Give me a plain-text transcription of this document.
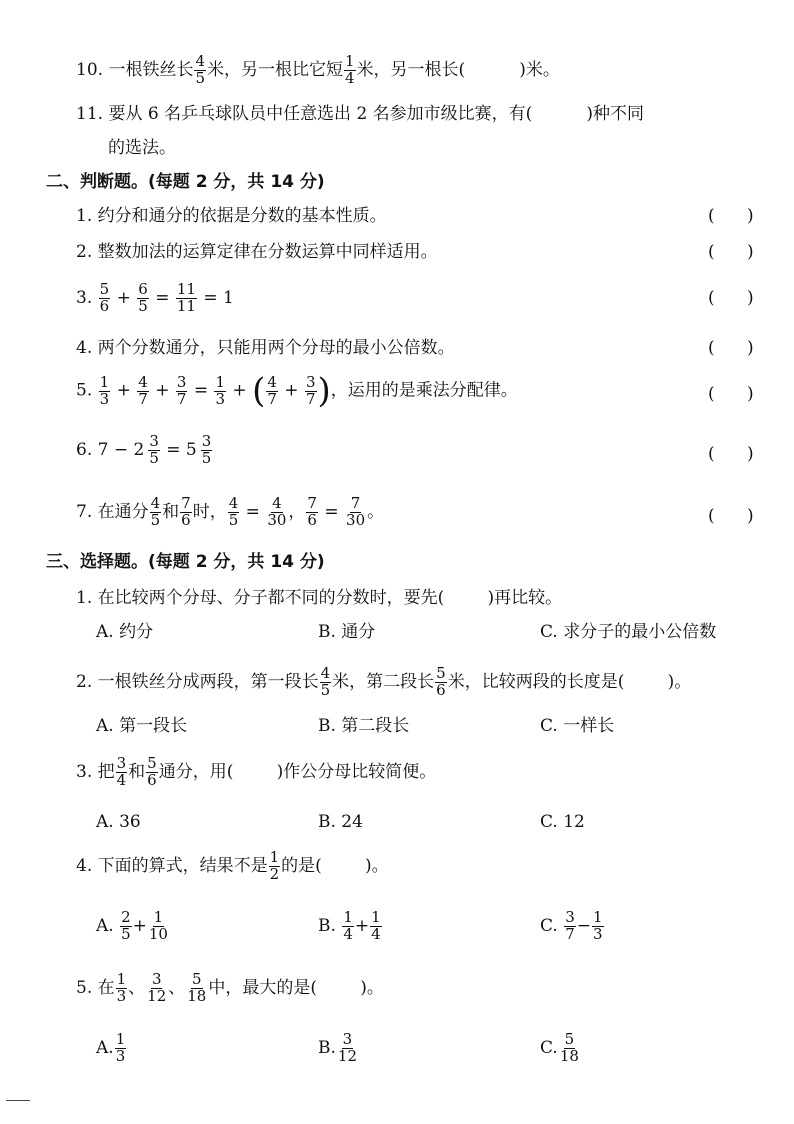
10. 一根铁丝长 $\frac{4}{5}$ 米，另一根比它短 $\frac{1}{4}$ 米，另一根长(          )米。
11. 要从 6 名乒乓球队员中任意选出 2 名参加市级比赛，有(          )种不同
的选法。
二、判断题。(每题 2 分，共 14 分)
1. 约分和通分的依据是分数的基本性质。	(      )
2. 整数加法的运算定律在分数运算中同样适用。	(      )
3. $\frac{5}{6} + \frac{6}{5} = \frac{11}{11} = 1$	(      )
4. 两个分数通分，只能用两个分母的最小公倍数。	(      )
5. $\frac{1}{3} + \frac{4}{7} + \frac{3}{7} = \frac{1}{3}$ + ( $\frac{4}{7} + \frac{3}{7}$ )，运用的是乘法分配律。	(      )
6. $7 - 2 \frac{3}{5} = 5 \frac{3}{5}$	(      )
7. 在通分 $\frac{4}{5}$ 和 $\frac{7}{6}$ 时， $\frac{4}{5} = \frac{4}{30}$ ， $\frac{7}{6} = \frac{7}{30}$ 。	(      )
三、选择题。(每题 2 分，共 14 分)
1. 在比较两个分母、分子都不同的分数时，要先(        )再比较。
A. 约分	B. 通分	C. 求分子的最小公倍数
2. 一根铁丝分成两段，第一段长 $\frac{4}{5}$ 米，第二段长 $\frac{5}{6}$ 米，比较两段的长度是(        )。
A. 第一段长	B. 第二段长	C. 一样长
3. 把 $\frac{3}{4}$ 和 $\frac{5}{6}$ 通分，用(        )作公分母比较简便。
A. 36	B. 24	C. 12
4. 下面的算式，结果不是 $\frac{1}{2}$ 的是(        )。
A. $\frac{2}{5} + \frac{1}{10}$	B. $\frac{1}{4} + \frac{1}{4}$	C. $\frac{3}{7} - \frac{1}{3}$
5. 在 $\frac{1}{3}$ 、 $\frac{3}{12}$ 、 $\frac{5}{18}$ 中，最大的是(        )。
A. $\frac{1}{3}$	B. $\frac{3}{12}$	C. $\frac{5}{18}$
